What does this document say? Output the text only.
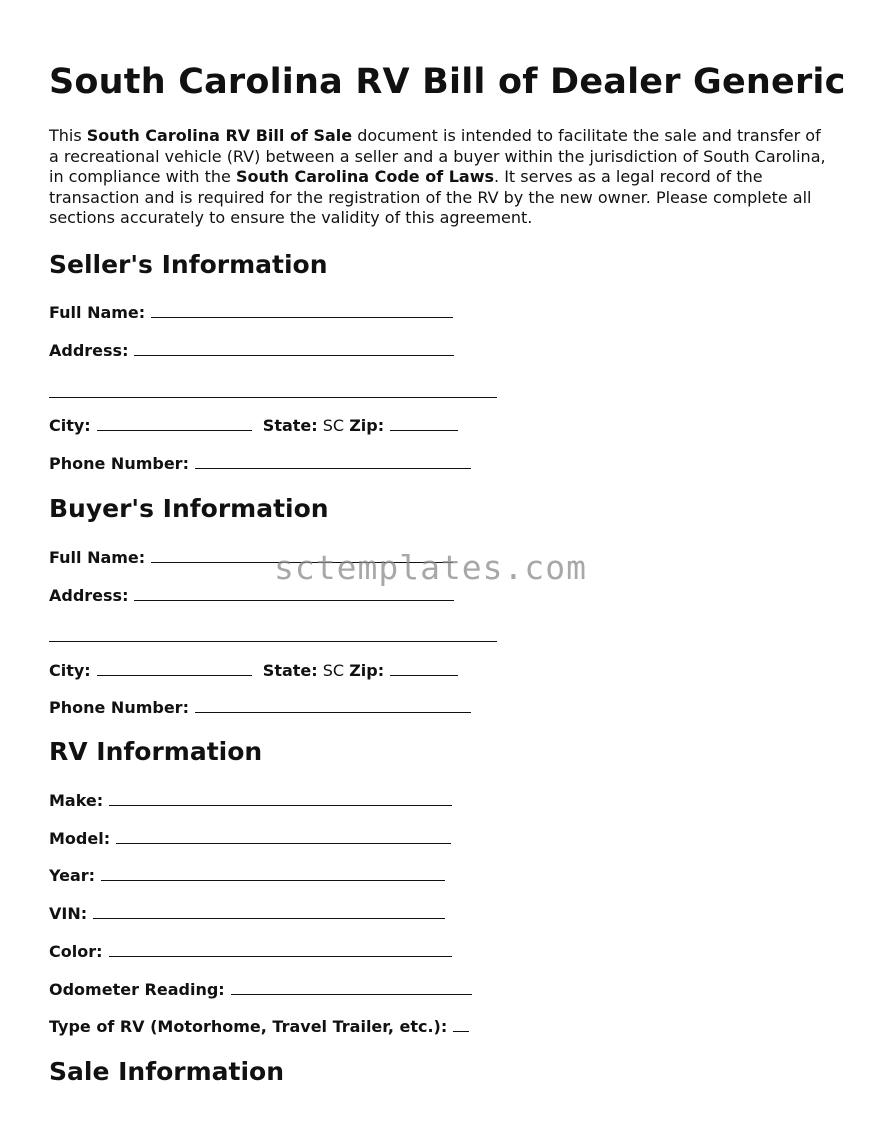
South Carolina RV Bill of Dealer Generic

This South Carolina RV Bill of Sale document is intended to facilitate the sale and transfer of a recreational vehicle (RV) between a seller and a buyer within the jurisdiction of South Carolina, in compliance with the South Carolina Code of Laws. It serves as a legal record of the transaction and is required for the registration of the RV by the new owner. Please complete all sections accurately to ensure the validity of this agreement.

Seller's Information
Full Name:
Address:
City:	State: SC Zip:
Phone Number:
Buyer's Information
Full Name:
Address:
City:	State: SC Zip:
Phone Number:
RV Information
Make:
Model:
Year:
VIN:
Color:
Odometer Reading:
Type of RV (Motorhome, Travel Trailer, etc.):
Sale Information
sctemplates.com
